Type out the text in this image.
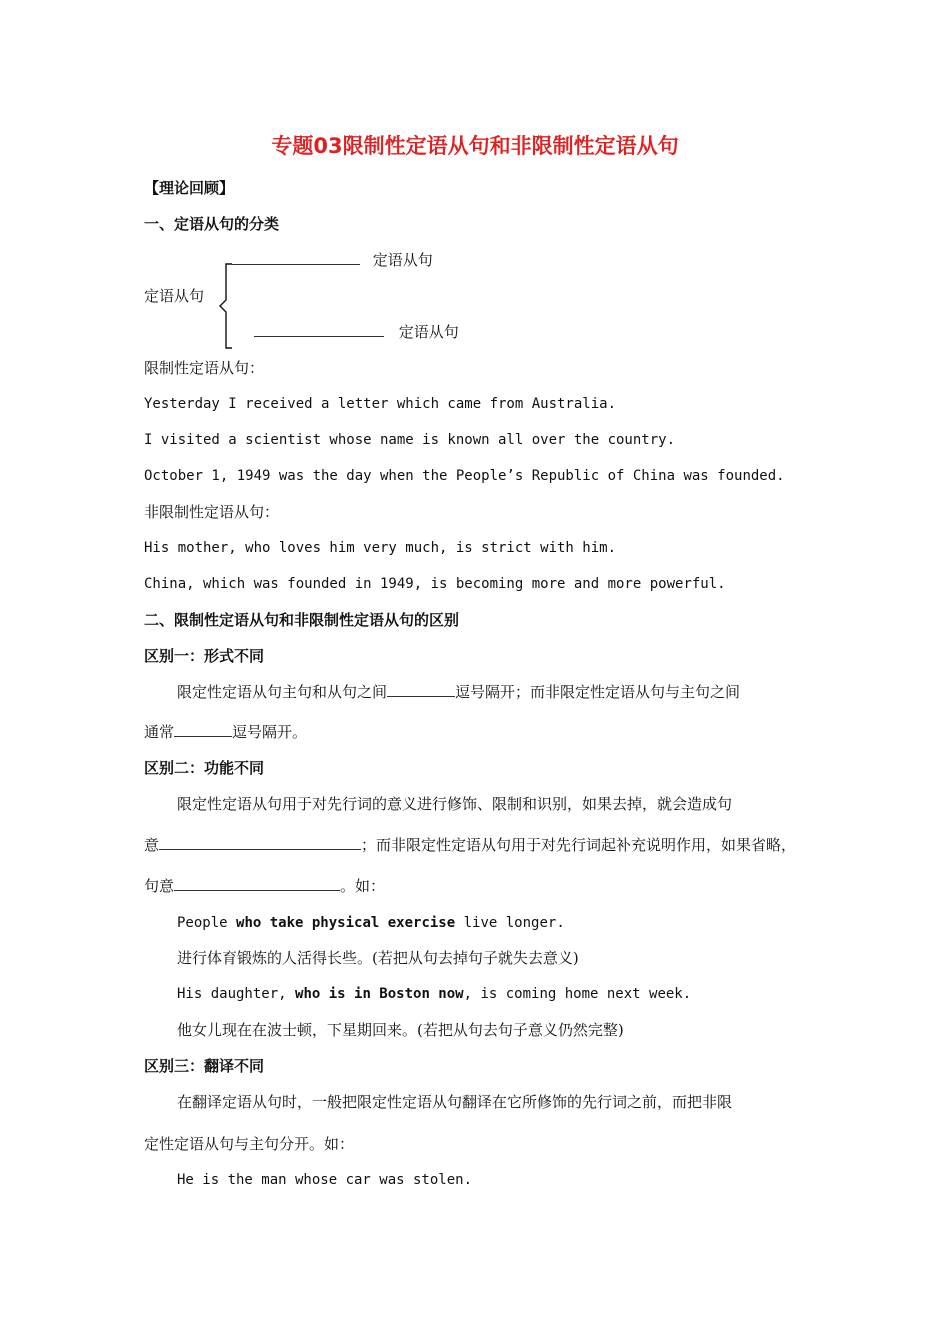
专题03限制性定语从句和非限制性定语从句
【理论回顾】
一、定语从句的分类
定语从句
定语从句
定语从句
限制性定语从句：
Yesterday I received a letter which came from Australia.
I visited a scientist whose name is known all over the country.
October 1, 1949 was the day when the People’s Republic of China was founded.
非限制性定语从句：
His mother, who loves him very much, is strict with him.
China, which was founded in 1949, is becoming more and more powerful.
二、限制性定语从句和非限制性定语从句的区别
区别一：形式不同
限定性定语从句主句和从句之间	逗号隔开；而非限定性定语从句与主句之间
通常	逗号隔开。
区别二：功能不同
限定性定语从句用于对先行词的意义进行修饰、限制和识别，如果去掉，就会造成句
意	；而非限定性定语从句用于对先行词起补充说明作用，如果省略，
句意	。如：
People who take physical exercise live longer.
进行体育锻炼的人活得长些。(若把从句去掉句子就失去意义)
His daughter, who is in Boston now, is coming home next week.
他女儿现在在波士顿，下星期回来。(若把从句去句子意义仍然完整)
区别三：翻译不同
在翻译定语从句时，一般把限定性定语从句翻译在它所修饰的先行词之前，而把非限
定性定语从句与主句分开。如：
He is the man whose car was stolen.
